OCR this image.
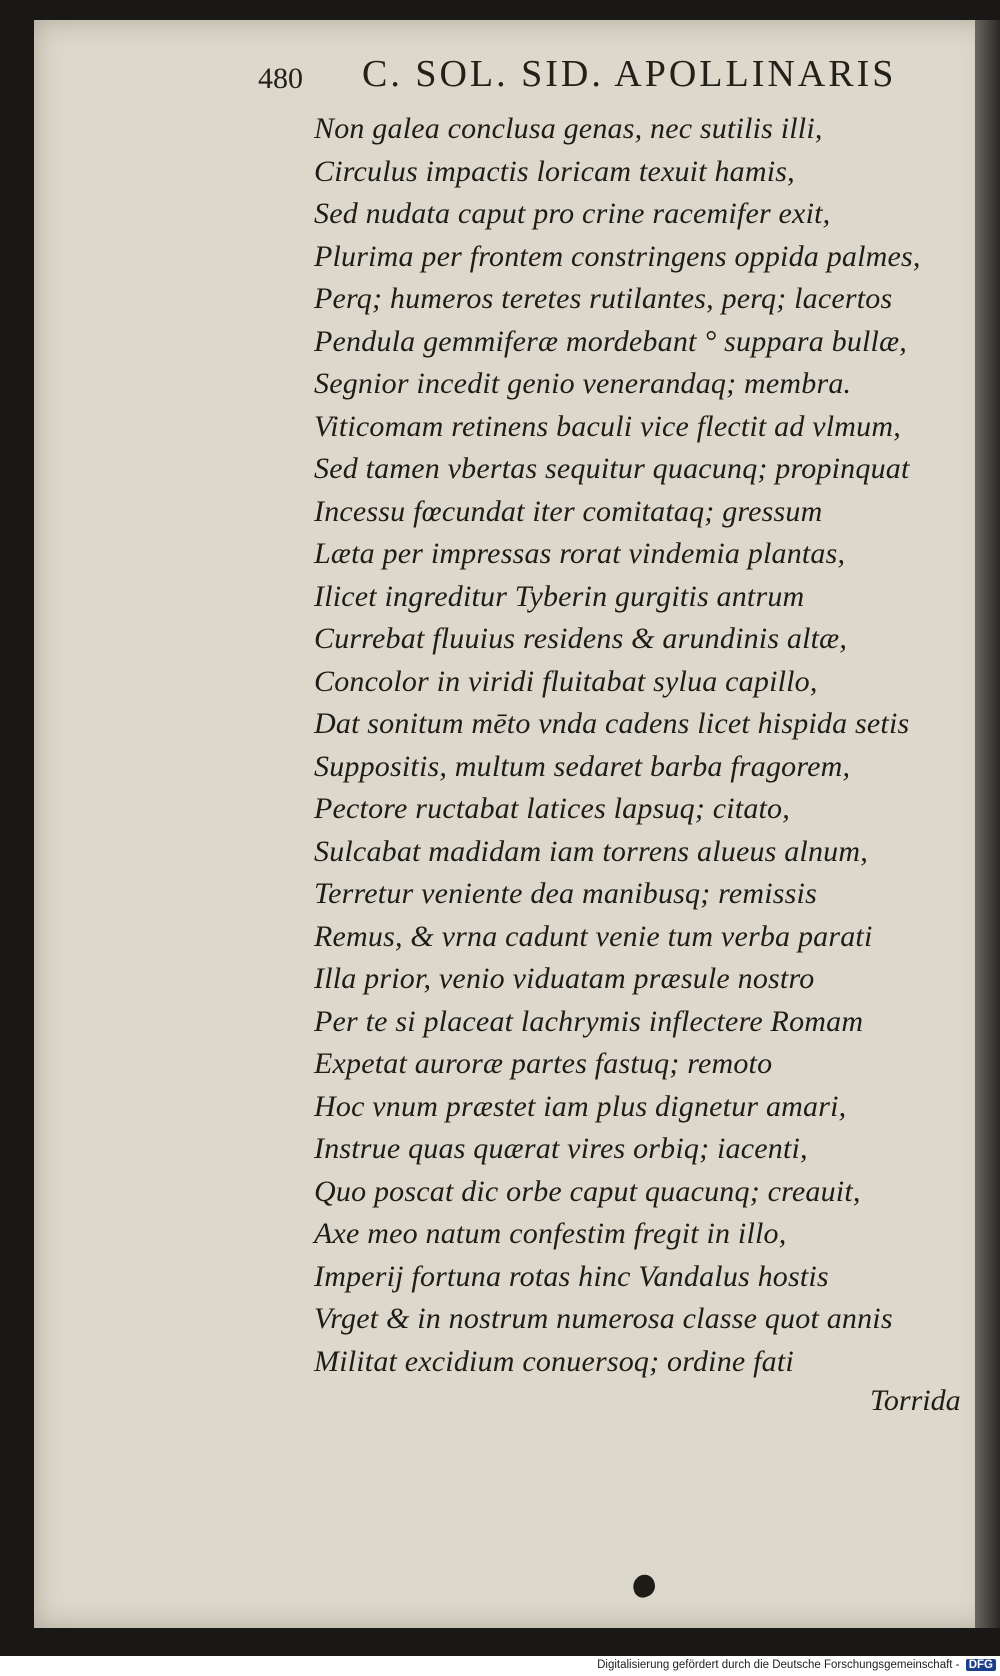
480 C. SOL. SID. APOLLINARIS
Non galea conclusa genas, nec sutilis illi,
Circulus impactis loricam texuit hamis,
Sed nudata caput pro crine racemifer exit,
Plurima per frontem constringens oppida palmes,
Perq; humeros teretes rutilantes, perq; lacertos
Pendula gemmiferæ mordebant ° suppara bullæ,
Segnior incedit genio venerandaq; membra.
Viticomam retinens baculi vice flectit ad vlmum,
Sed tamen vbertas sequitur quacunq; propinquat
Incessu fœcundat iter comitataq; gressum
Læta per impressas rorat vindemia plantas,
Ilicet ingreditur Tyberin gurgitis antrum
Currebat fluuius residens & arundinis altæ,
Concolor in viridi fluitabat sylua capillo,
Dat sonitum mēto vnda cadens licet hispida setis
Suppositis, multum sedaret barba fragorem,
Pectore ructabat latices lapsuq; citato,
Sulcabat madidam iam torrens alueus alnum,
Terretur veniente dea manibusq; remissis
Remus, & vrna cadunt venie tum verba parati
Illa prior, venio viduatam præsule nostro
Per te si placeat lachrymis inflectere Romam
Expetat auroræ partes fastuq; remoto
Hoc vnum præstet iam plus dignetur amari,
Instrue quas quærat vires orbiq; iacenti,
Quo poscat dic orbe caput quacunq; creauit,
Axe meo natum confestim fregit in illo,
Imperij fortuna rotas hinc Vandalus hostis
Vrget & in nostrum numerosa classe quot annis
Militat excidium conuersoq; ordine fati
Torrida
Digitalisierung gefördert durch die Deutsche Forschungsgemeinschaft - DFG
